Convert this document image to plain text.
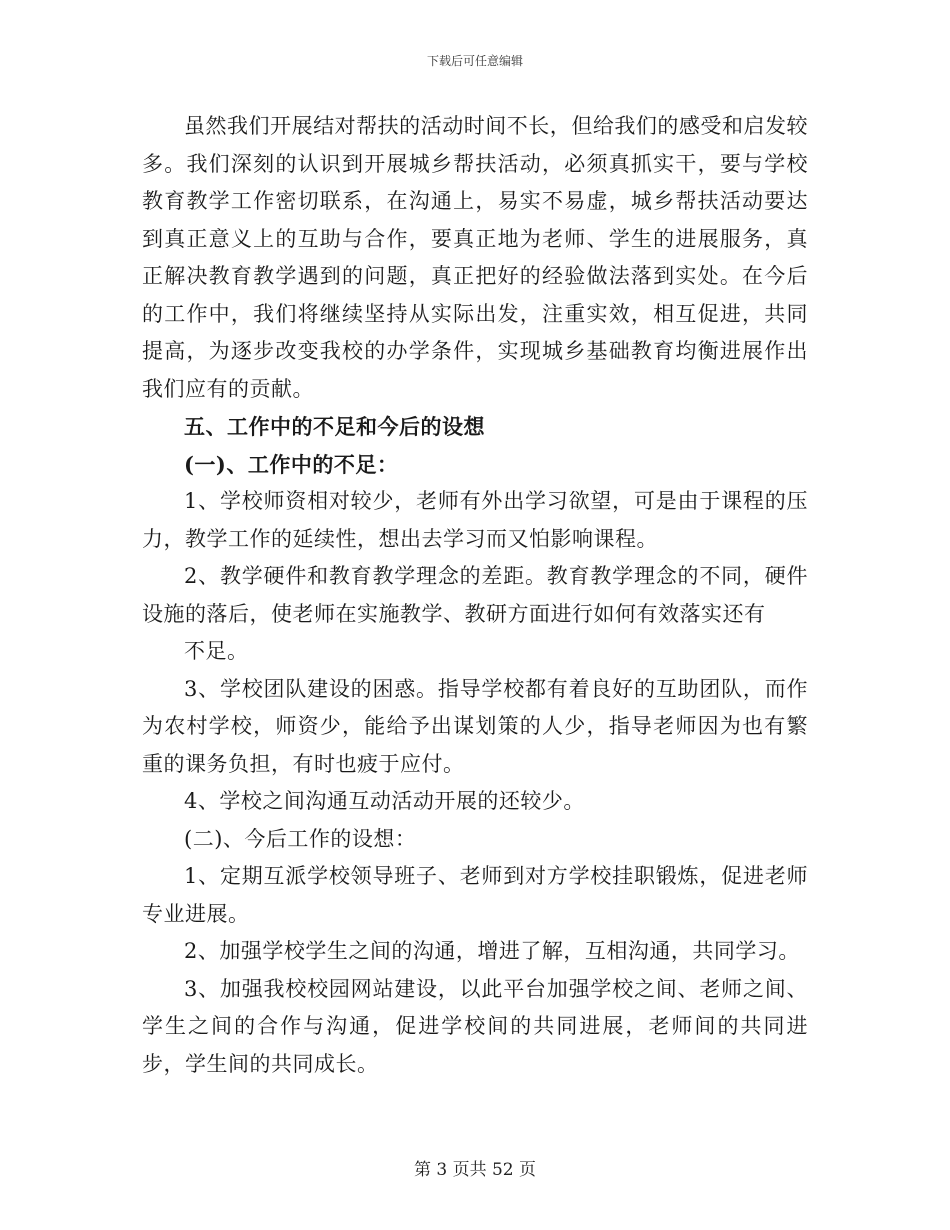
下载后可任意编辑

虽然我们开展结对帮扶的活动时间不长，但给我们的感受和启发较多。我们深刻的认识到开展城乡帮扶活动，必须真抓实干，要与学校教育教学工作密切联系，在沟通上，易实不易虚，城乡帮扶活动要达到真正意义上的互助与合作，要真正地为老师、学生的进展服务，真正解决教育教学遇到的问题，真正把好的经验做法落到实处。在今后的工作中，我们将继续坚持从实际出发，注重实效，相互促进，共同提高，为逐步改变我校的办学条件，实现城乡基础教育均衡进展作出我们应有的贡献。

五、工作中的不足和今后的设想

(一)、工作中的不足：

1、学校师资相对较少，老师有外出学习欲望，可是由于课程的压力，教学工作的延续性，想出去学习而又怕影响课程。

2、教学硬件和教育教学理念的差距。教育教学理念的不同，硬件设施的落后，使老师在实施教学、教研方面进行如何有效落实还有

不足。

3、学校团队建设的困惑。指导学校都有着良好的互助团队，而作为农村学校，师资少，能给予出谋划策的人少，指导老师因为也有繁重的课务负担，有时也疲于应付。

4、学校之间沟通互动活动开展的还较少。

(二)、今后工作的设想：

1、定期互派学校领导班子、老师到对方学校挂职锻炼，促进老师专业进展。

2、加强学校学生之间的沟通，增进了解，互相沟通，共同学习。

3、加强我校校园网站建设，以此平台加强学校之间、老师之间、学生之间的合作与沟通，促进学校间的共同进展，老师间的共同进步，学生间的共同成长。

第 3 页共 52 页
